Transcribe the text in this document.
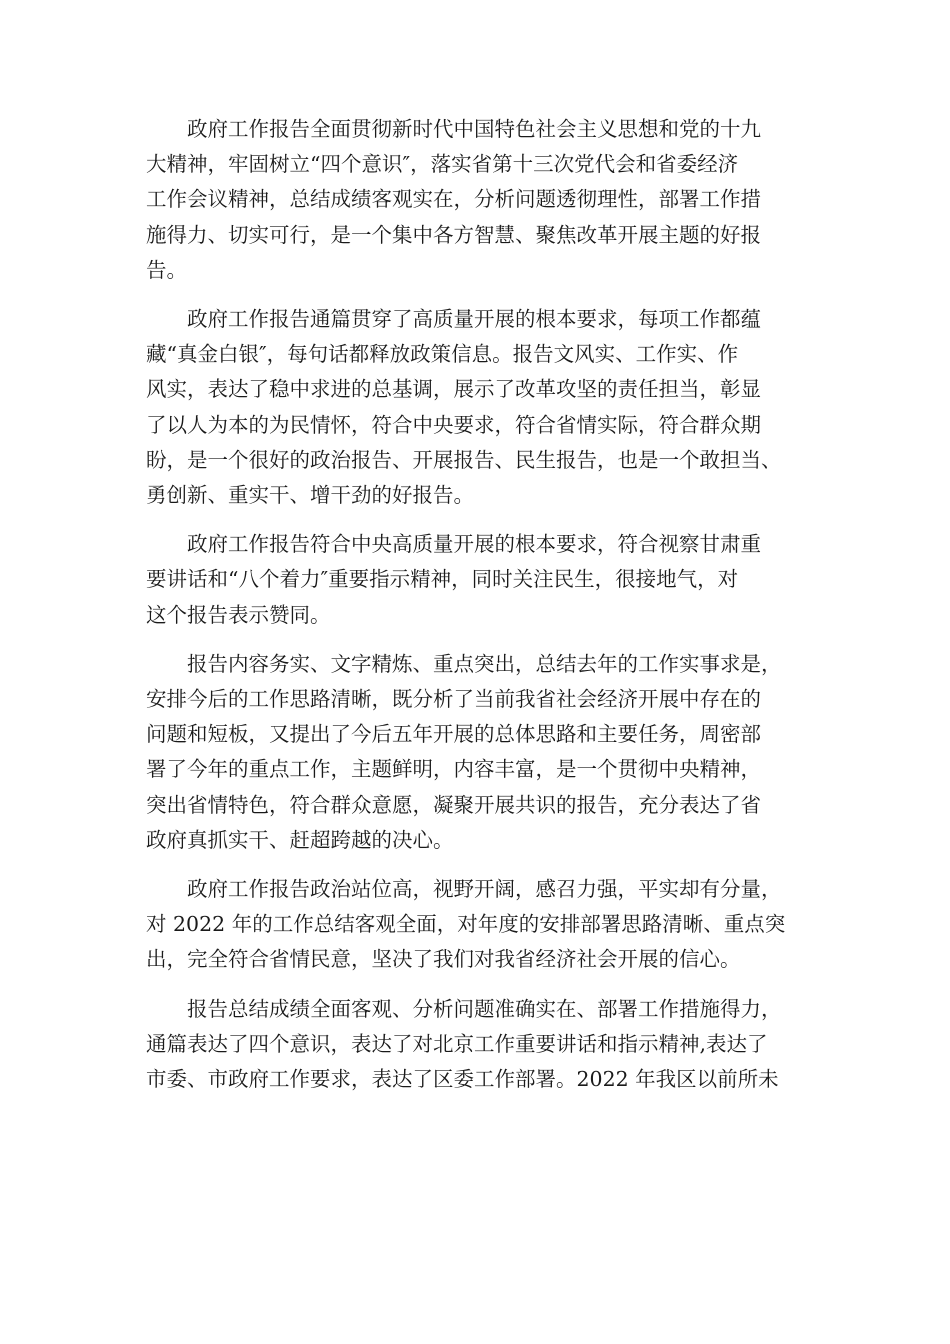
政府工作报告全面贯彻新时代中国特色社会主义思想和党的十九
大精神，牢固树立“四个意识″，落实省第十三次党代会和省委经济
工作会议精神，总结成绩客观实在，分析问题透彻理性，部署工作措
施得力、切实可行，是一个集中各方智慧、聚焦改革开展主题的好报
告。

政府工作报告通篇贯穿了高质量开展的根本要求，每项工作都蕴
藏“真金白银″，每句话都释放政策信息。报告文风实、工作实、作
风实，表达了稳中求进的总基调，展示了改革攻坚的责任担当，彰显
了以人为本的为民情怀，符合中央要求，符合省情实际，符合群众期
盼，是一个很好的政治报告、开展报告、民生报告，也是一个敢担当、
勇创新、重实干、增干劲的好报告。

政府工作报告符合中央高质量开展的根本要求，符合视察甘肃重
要讲话和“八个着力″重要指示精神，同时关注民生，很接地气，对
这个报告表示赞同。

报告内容务实、文字精炼、重点突出，总结去年的工作实事求是，
安排今后的工作思路清晰，既分析了当前我省社会经济开展中存在的
问题和短板，又提出了今后五年开展的总体思路和主要任务，周密部
署了今年的重点工作，主题鲜明，内容丰富，是一个贯彻中央精神，
突出省情特色，符合群众意愿，凝聚开展共识的报告，充分表达了省
政府真抓实干、赶超跨越的决心。

政府工作报告政治站位高，视野开阔，感召力强，平实却有分量，
对 2022 年的工作总结客观全面，对年度的安排部署思路清晰、重点突
出，完全符合省情民意，坚决了我们对我省经济社会开展的信心。

报告总结成绩全面客观、分析问题准确实在、部署工作措施得力，
通篇表达了四个意识，表达了对北京工作重要讲话和指示精神,表达了
市委、市政府工作要求，表达了区委工作部署。2022 年我区以前所未
